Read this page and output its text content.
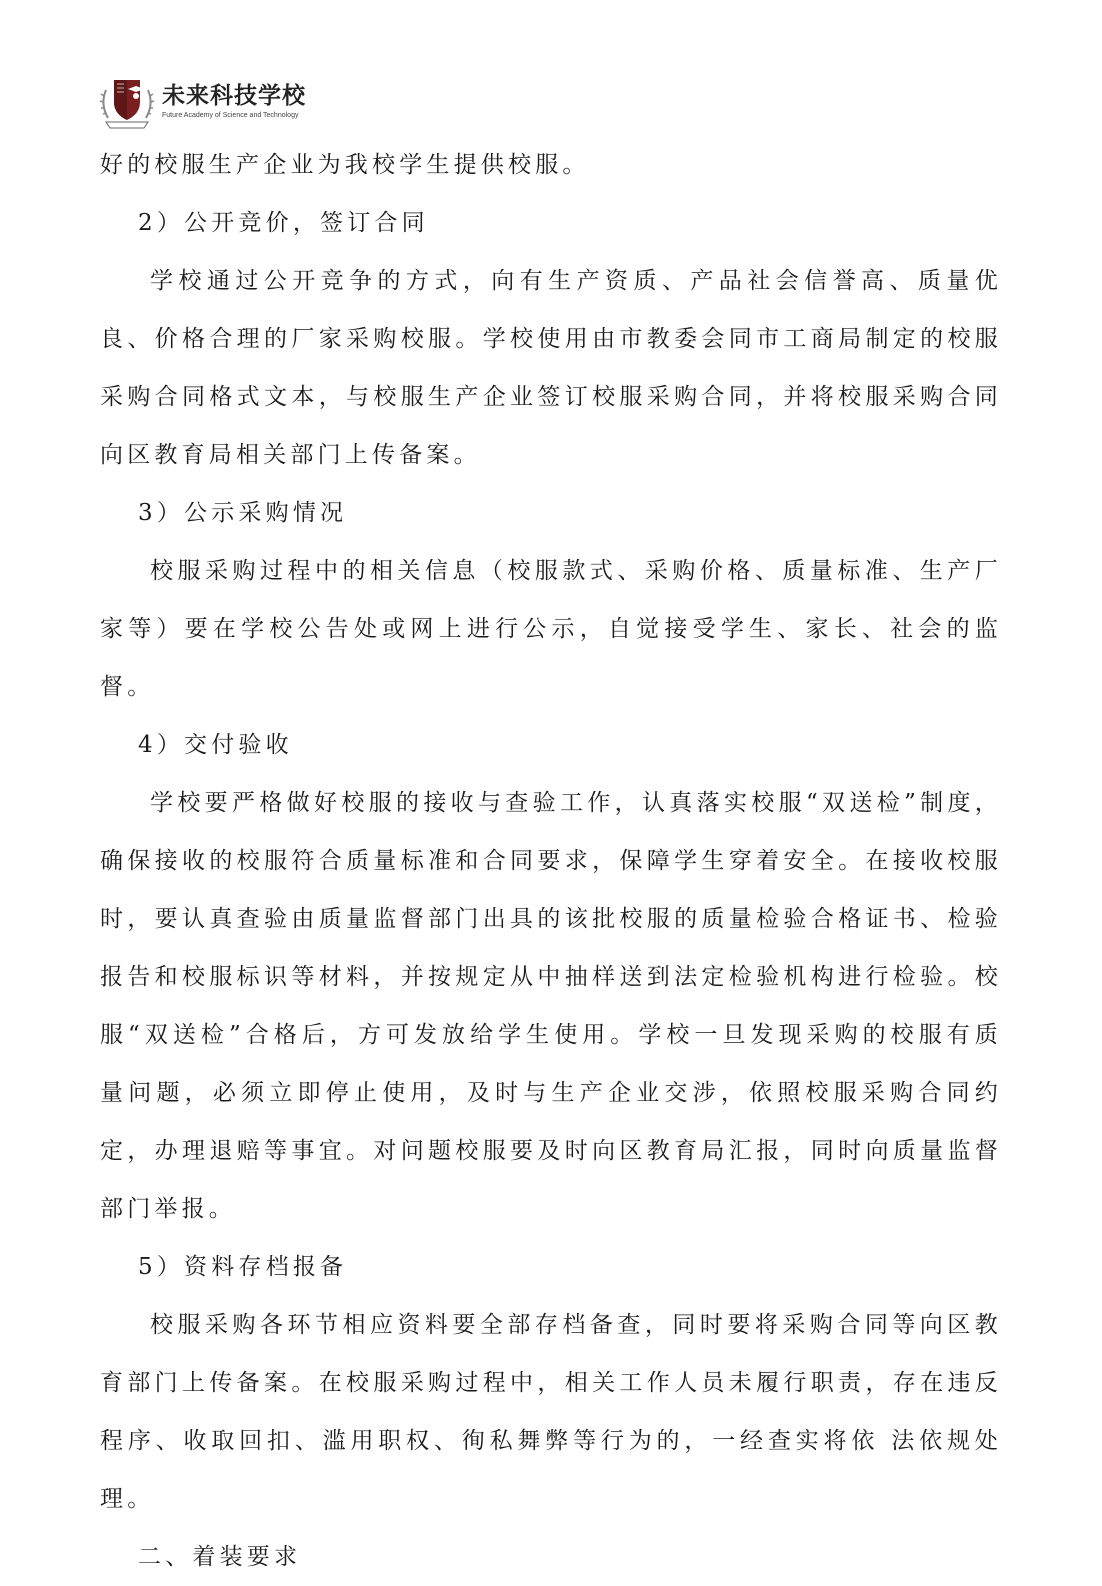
未来科技学校
Future Academy of Science and Technology

好的校服生产企业为我校学生提供校服。

2）公开竞价，签订合同

学校通过公开竞争的方式，向有生产资质、产品社会信誉高、质量优良、价格合理的厂家采购校服。学校使用由市教委会同市工商局制定的校服采购合同格式文本，与校服生产企业签订校服采购合同，并将校服采购合同向区教育局相关部门上传备案。

3）公示采购情况

校服采购过程中的相关信息（校服款式、采购价格、质量标准、生产厂家等）要在学校公告处或网上进行公示，自觉接受学生、家长、社会的监督。

4）交付验收

学校要严格做好校服的接收与查验工作，认真落实校服“双送检”制度，确保接收的校服符合质量标准和合同要求，保障学生穿着安全。在接收校服时，要认真查验由质量监督部门出具的该批校服的质量检验合格证书、检验报告和校服标识等材料，并按规定从中抽样送到法定检验机构进行检验。校服“双送检”合格后，方可发放给学生使用。学校一旦发现采购的校服有质量问题，必须立即停止使用，及时与生产企业交涉，依照校服采购合同约定，办理退赔等事宜。对问题校服要及时向区教育局汇报，同时向质量监督部门举报。

5）资料存档报备

校服采购各环节相应资料要全部存档备查，同时要将采购合同等向区教育部门上传备案。在校服采购过程中，相关工作人员未履行职责，存在违反程序、收取回扣、滥用职权、徇私舞弊等行为的，一经查实将依 法依规处理。

二、着装要求
